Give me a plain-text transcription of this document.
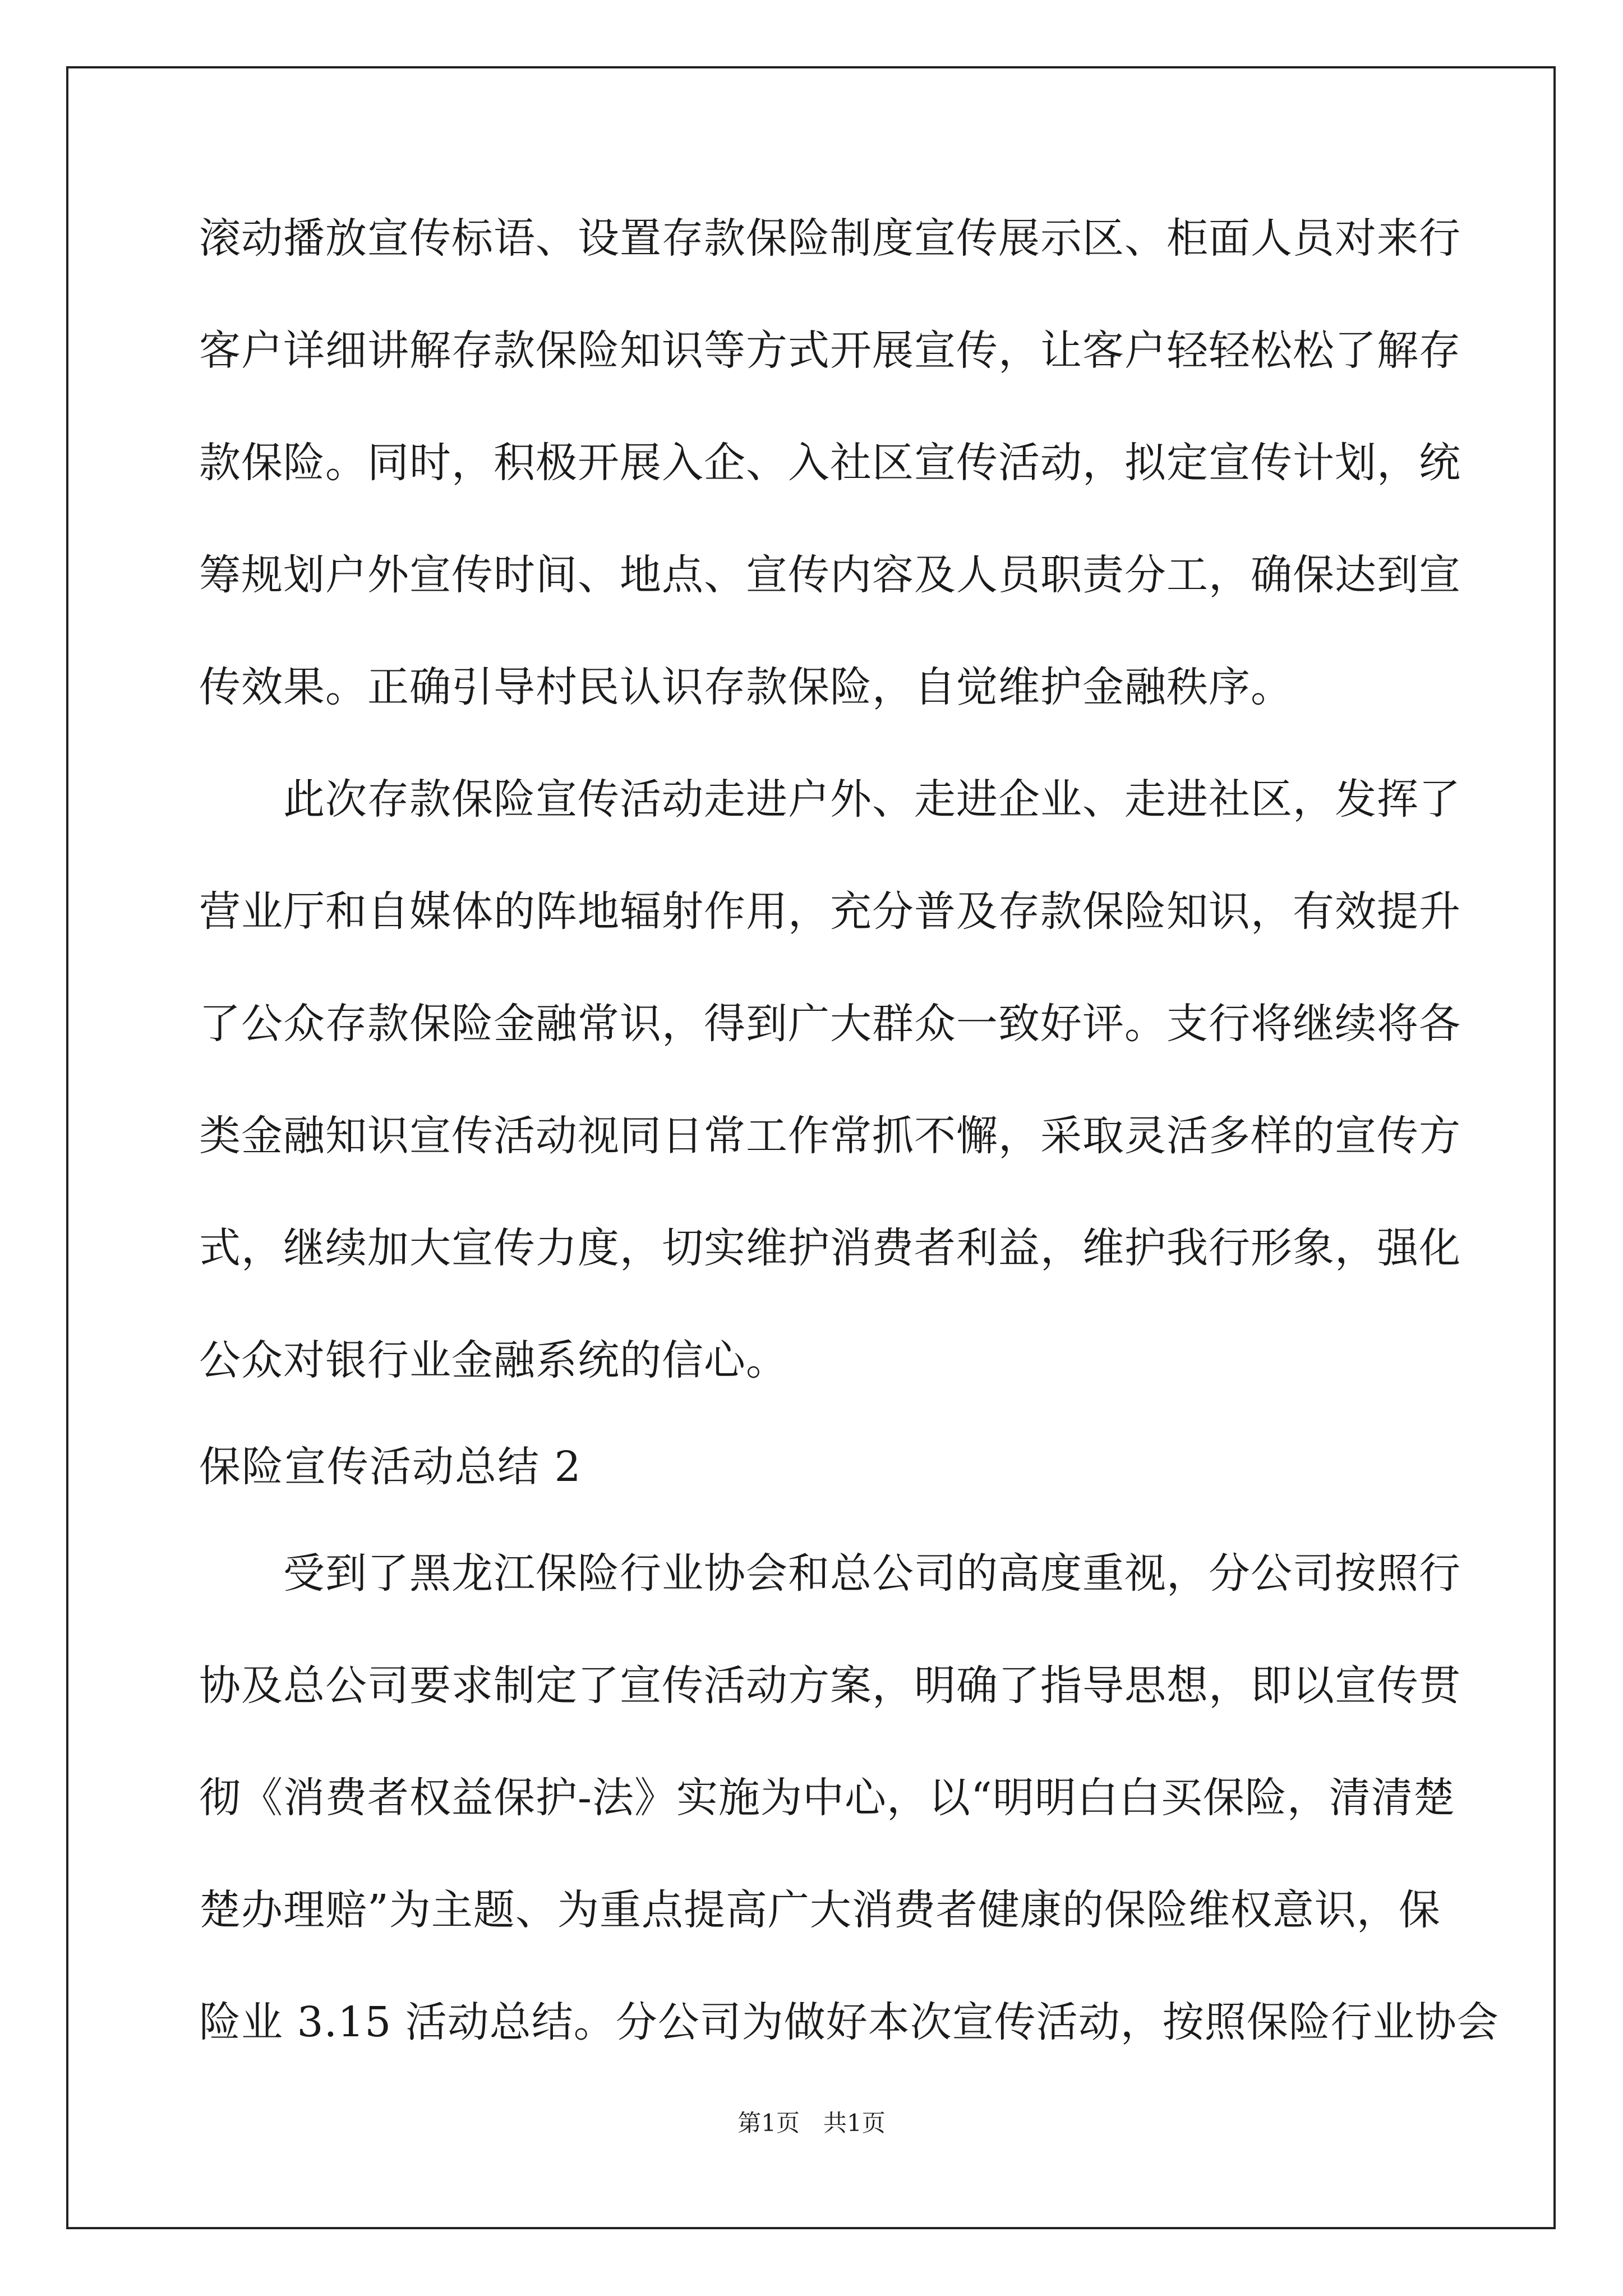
滚动播放宣传标语、设置存款保险制度宣传展示区、柜面人员对来行
客户详细讲解存款保险知识等方式开展宣传，让客户轻轻松松了解存
款保险。同时，积极开展入企、入社区宣传活动，拟定宣传计划，统
筹规划户外宣传时间、地点、宣传内容及人员职责分工，确保达到宣
传效果。正确引导村民认识存款保险，自觉维护金融秩序。
　　此次存款保险宣传活动走进户外、走进企业、走进社区，发挥了
营业厅和自媒体的阵地辐射作用，充分普及存款保险知识，有效提升
了公众存款保险金融常识，得到广大群众一致好评。支行将继续将各
类金融知识宣传活动视同日常工作常抓不懈，采取灵活多样的宣传方
式，继续加大宣传力度，切实维护消费者利益，维护我行形象，强化
公众对银行业金融系统的信心。
保险宣传活动总结 2
　　受到了黑龙江保险行业协会和总公司的高度重视，分公司按照行
协及总公司要求制定了宣传活动方案，明确了指导思想，即以宣传贯
彻《消费者权益保护-法》实施为中心，以“明明白白买保险，清清楚
楚办理赔”为主题、为重点提高广大消费者健康的保险维权意识，保
险业 3.15 活动总结。分公司为做好本次宣传活动，按照保险行业协会
第1页　共1页
